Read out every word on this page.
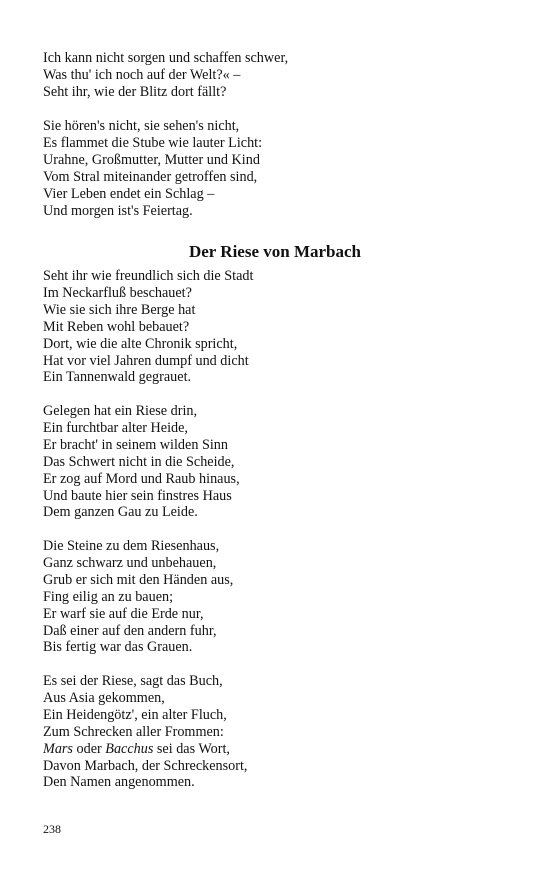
Ich kann nicht sorgen und schaffen schwer,
Was thu' ich noch auf der Welt?« –
Seht ihr, wie der Blitz dort fällt?
Sie hören's nicht, sie sehen's nicht,
Es flammet die Stube wie lauter Licht:
Urahne, Großmutter, Mutter und Kind
Vom Stral miteinander getroffen sind,
Vier Leben endet ein Schlag –
Und morgen ist's Feiertag.
Der Riese von Marbach
Seht ihr wie freundlich sich die Stadt
Im Neckarfluß beschauet?
Wie sie sich ihre Berge hat
Mit Reben wohl bebauet?
Dort, wie die alte Chronik spricht,
Hat vor viel Jahren dumpf und dicht
Ein Tannenwald gegrauet.
Gelegen hat ein Riese drin,
Ein furchtbar alter Heide,
Er bracht' in seinem wilden Sinn
Das Schwert nicht in die Scheide,
Er zog auf Mord und Raub hinaus,
Und baute hier sein finstres Haus
Dem ganzen Gau zu Leide.
Die Steine zu dem Riesenhaus,
Ganz schwarz und unbehauen,
Grub er sich mit den Händen aus,
Fing eilig an zu bauen;
Er warf sie auf die Erde nur,
Daß einer auf den andern fuhr,
Bis fertig war das Grauen.
Es sei der Riese, sagt das Buch,
Aus Asia gekommen,
Ein Heidengötz', ein alter Fluch,
Zum Schrecken aller Frommen:
Mars oder Bacchus sei das Wort,
Davon Marbach, der Schreckensort,
Den Namen angenommen.

238
